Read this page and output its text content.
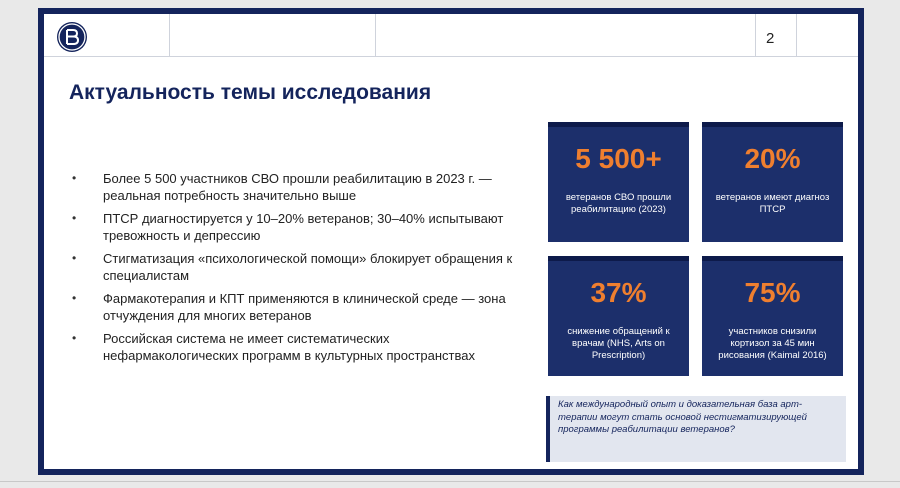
2
Актуальность темы исследования
• Более 5 500 участников СВО прошли реабилитацию в 2023 г. — реальная потребность значительно выше
• ПТСР диагностируется у 10–20% ветеранов; 30–40% испытывают тревожность и депрессию
• Стигматизация «психологической помощи» блокирует обращения к специалистам
• Фармакотерапия и КПТ применяются в клинической среде — зона отчуждения для многих ветеранов
• Российская система не имеет систематических нефармакологических программ в культурных пространствах
5 500+
ветеранов СВО прошли реабилитацию (2023)
20%
ветеранов имеют диагноз ПТСР
37%
снижение обращений к врачам (NHS, Arts on Prescription)
75%
участников снизили кортизол за 45 мин рисования (Kaimal 2016)
Как международный опыт и доказательная база арт-терапии могут стать основой нестигматизирующей программы реабилитации ветеранов?
